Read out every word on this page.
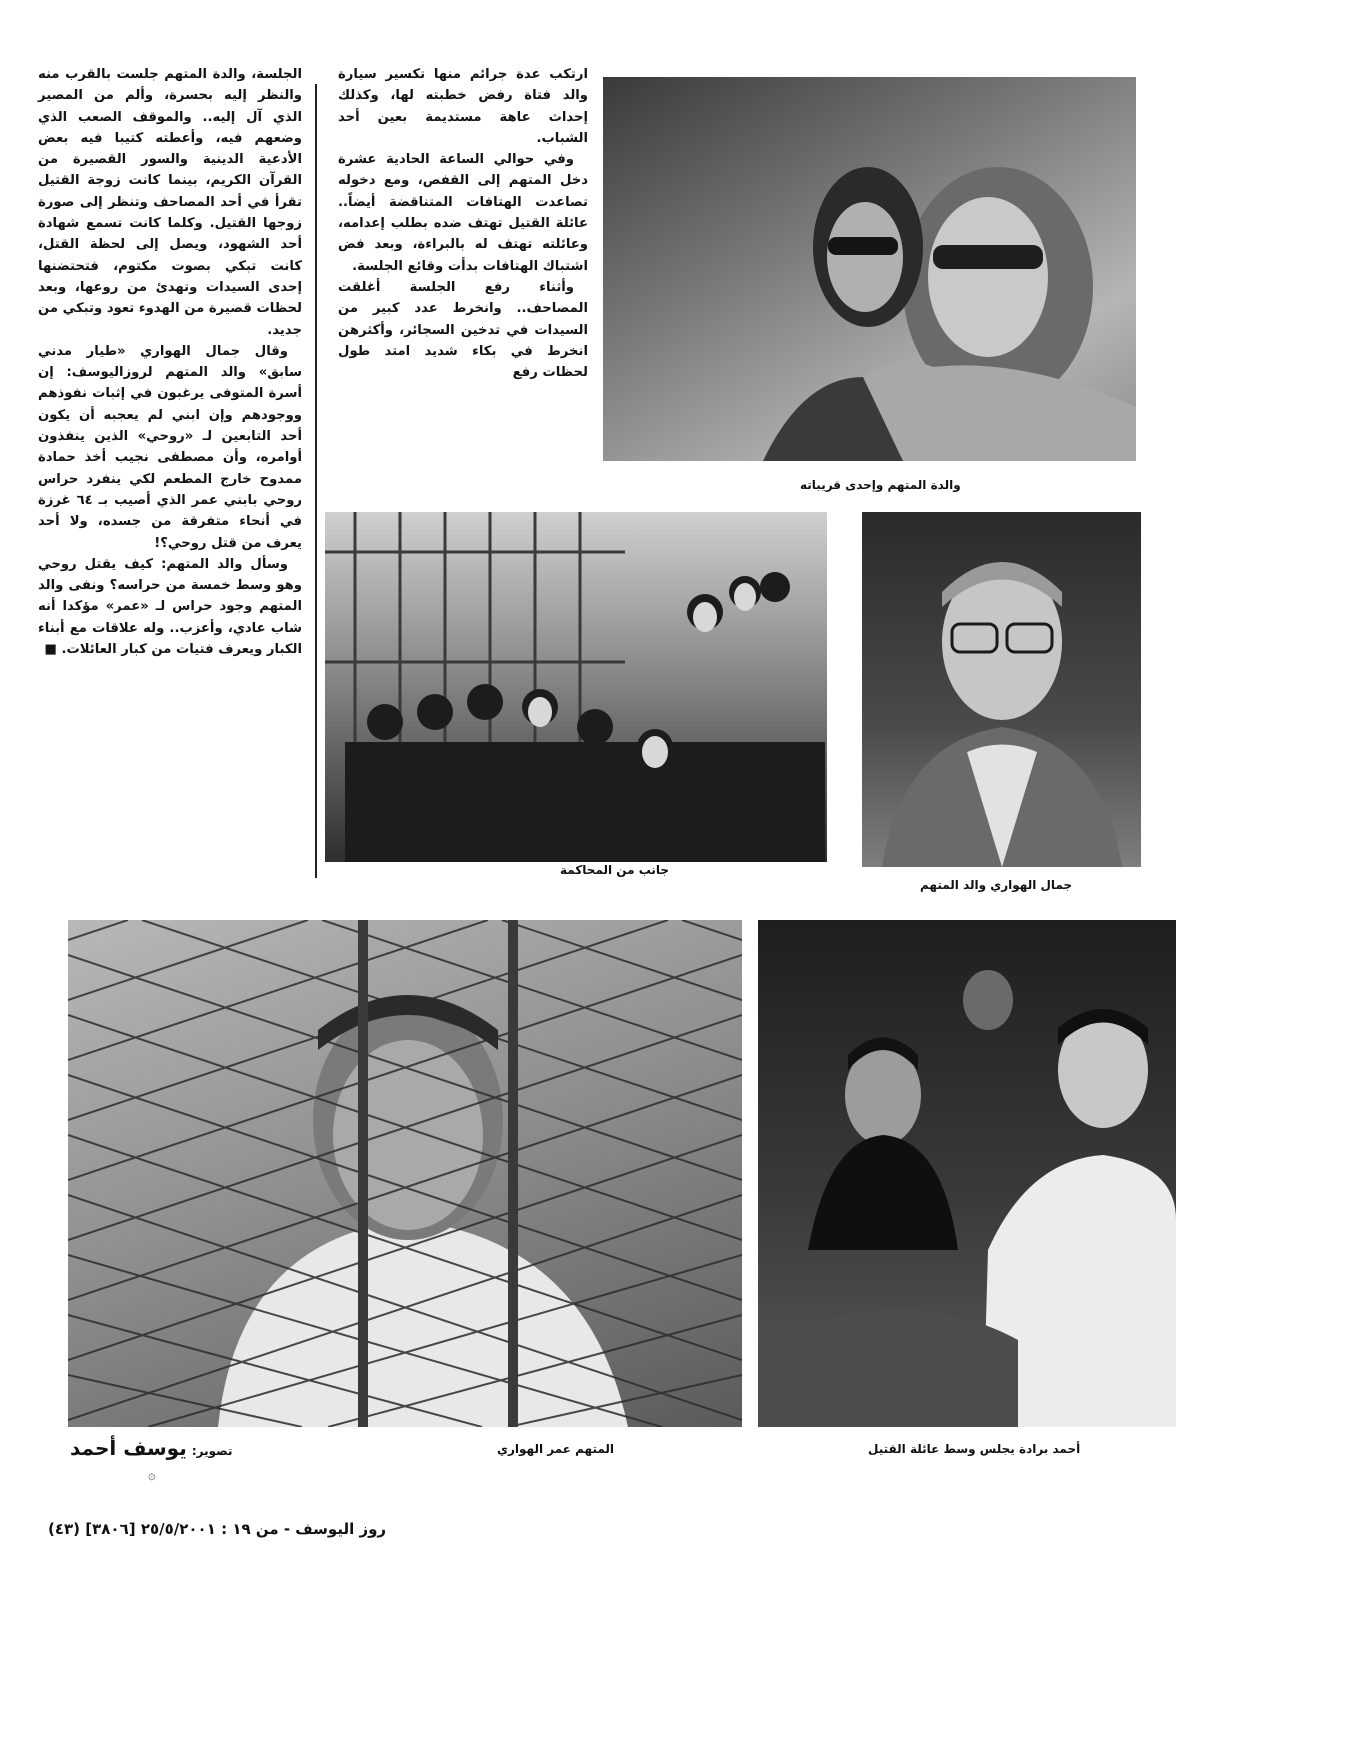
ارتكب عدة جرائم منها تكسير سيارة والد فتاة رفض خطبته لها، وكذلك إحداث عاهة مستديمة بعين أحد الشباب.

وفي حوالي الساعة الحادية عشرة دخل المتهم إلى القفص، ومع دخوله تصاعدت الهتافات المتناقضة أيضاً.. عائلة القتيل تهتف ضده بطلب إعدامه، وعائلته تهتف له بالبراءة، وبعد فض اشتباك الهتافات بدأت وقائع الجلسة.

وأثناء رفع الجلسة أغلقت المصاحف.. وانخرط عدد كبير من السيدات في تدخين السجائر، وأكثرهن انخرط في بكاء شديد امتد طول لحظات رفع

الجلسة، والدة المتهم جلست بالقرب منه والنظر إليه بحسرة، وألم من المصير الذي آل إليه.. والموقف الصعب الذي وضعهم فيه، وأعطته كتيبا فيه بعض الأدعية الدينية والسور القصيرة من القرآن الكريم، بينما كانت زوجة القتيل تقرأ في أحد المصاحف وتنظر إلى صورة زوجها القتيل. وكلما كانت تسمع شهادة أحد الشهود، ويصل إلى لحظة القتل، كانت تبكي بصوت مكتوم، فتحتضنها إحدى السيدات وتهدئ من روعها، وبعد لحظات قصيرة من الهدوء تعود وتبكي من جديد.

وقال جمال الهواري «طيار مدني سابق» والد المتهم لروزاليوسف: إن أسرة المتوفى يرغبون في إثبات نفوذهم ووجودهم وإن ابني لم يعجبه أن يكون أحد التابعين لـ «روحي» الذين ينفذون أوامره، وأن مصطفى نجيب أخذ حمادة ممدوح خارج المطعم لكي ينفرد حراس روحي بابني عمر الذي أصيب بـ ٦٤ غرزة في أنحاء متفرقة من جسده، ولا أحد يعرف من قتل روحي؟!

وسأل والد المتهم: كيف يقتل روحي وهو وسط خمسة من حراسه؟ ونفى والد المتهم وجود حراس لـ «عمر» مؤكدا أنه شاب عادي، وأعزب.. وله علاقات مع أبناء الكبار ويعرف فتيات من كبار العائلات. ■

والدة المتهم وإحدى قريباته
جانب من المحاكمة
جمال الهواري والد المتهم
المتهم عمر الهواري	أحمد برادة يجلس وسط عائلة القتيل
تصوير: يوسف أحمد
۞
روز اليوسف - من ١٩ : ٢٥/٥/٢٠٠١ [٣٨٠٦] (٤٣)
